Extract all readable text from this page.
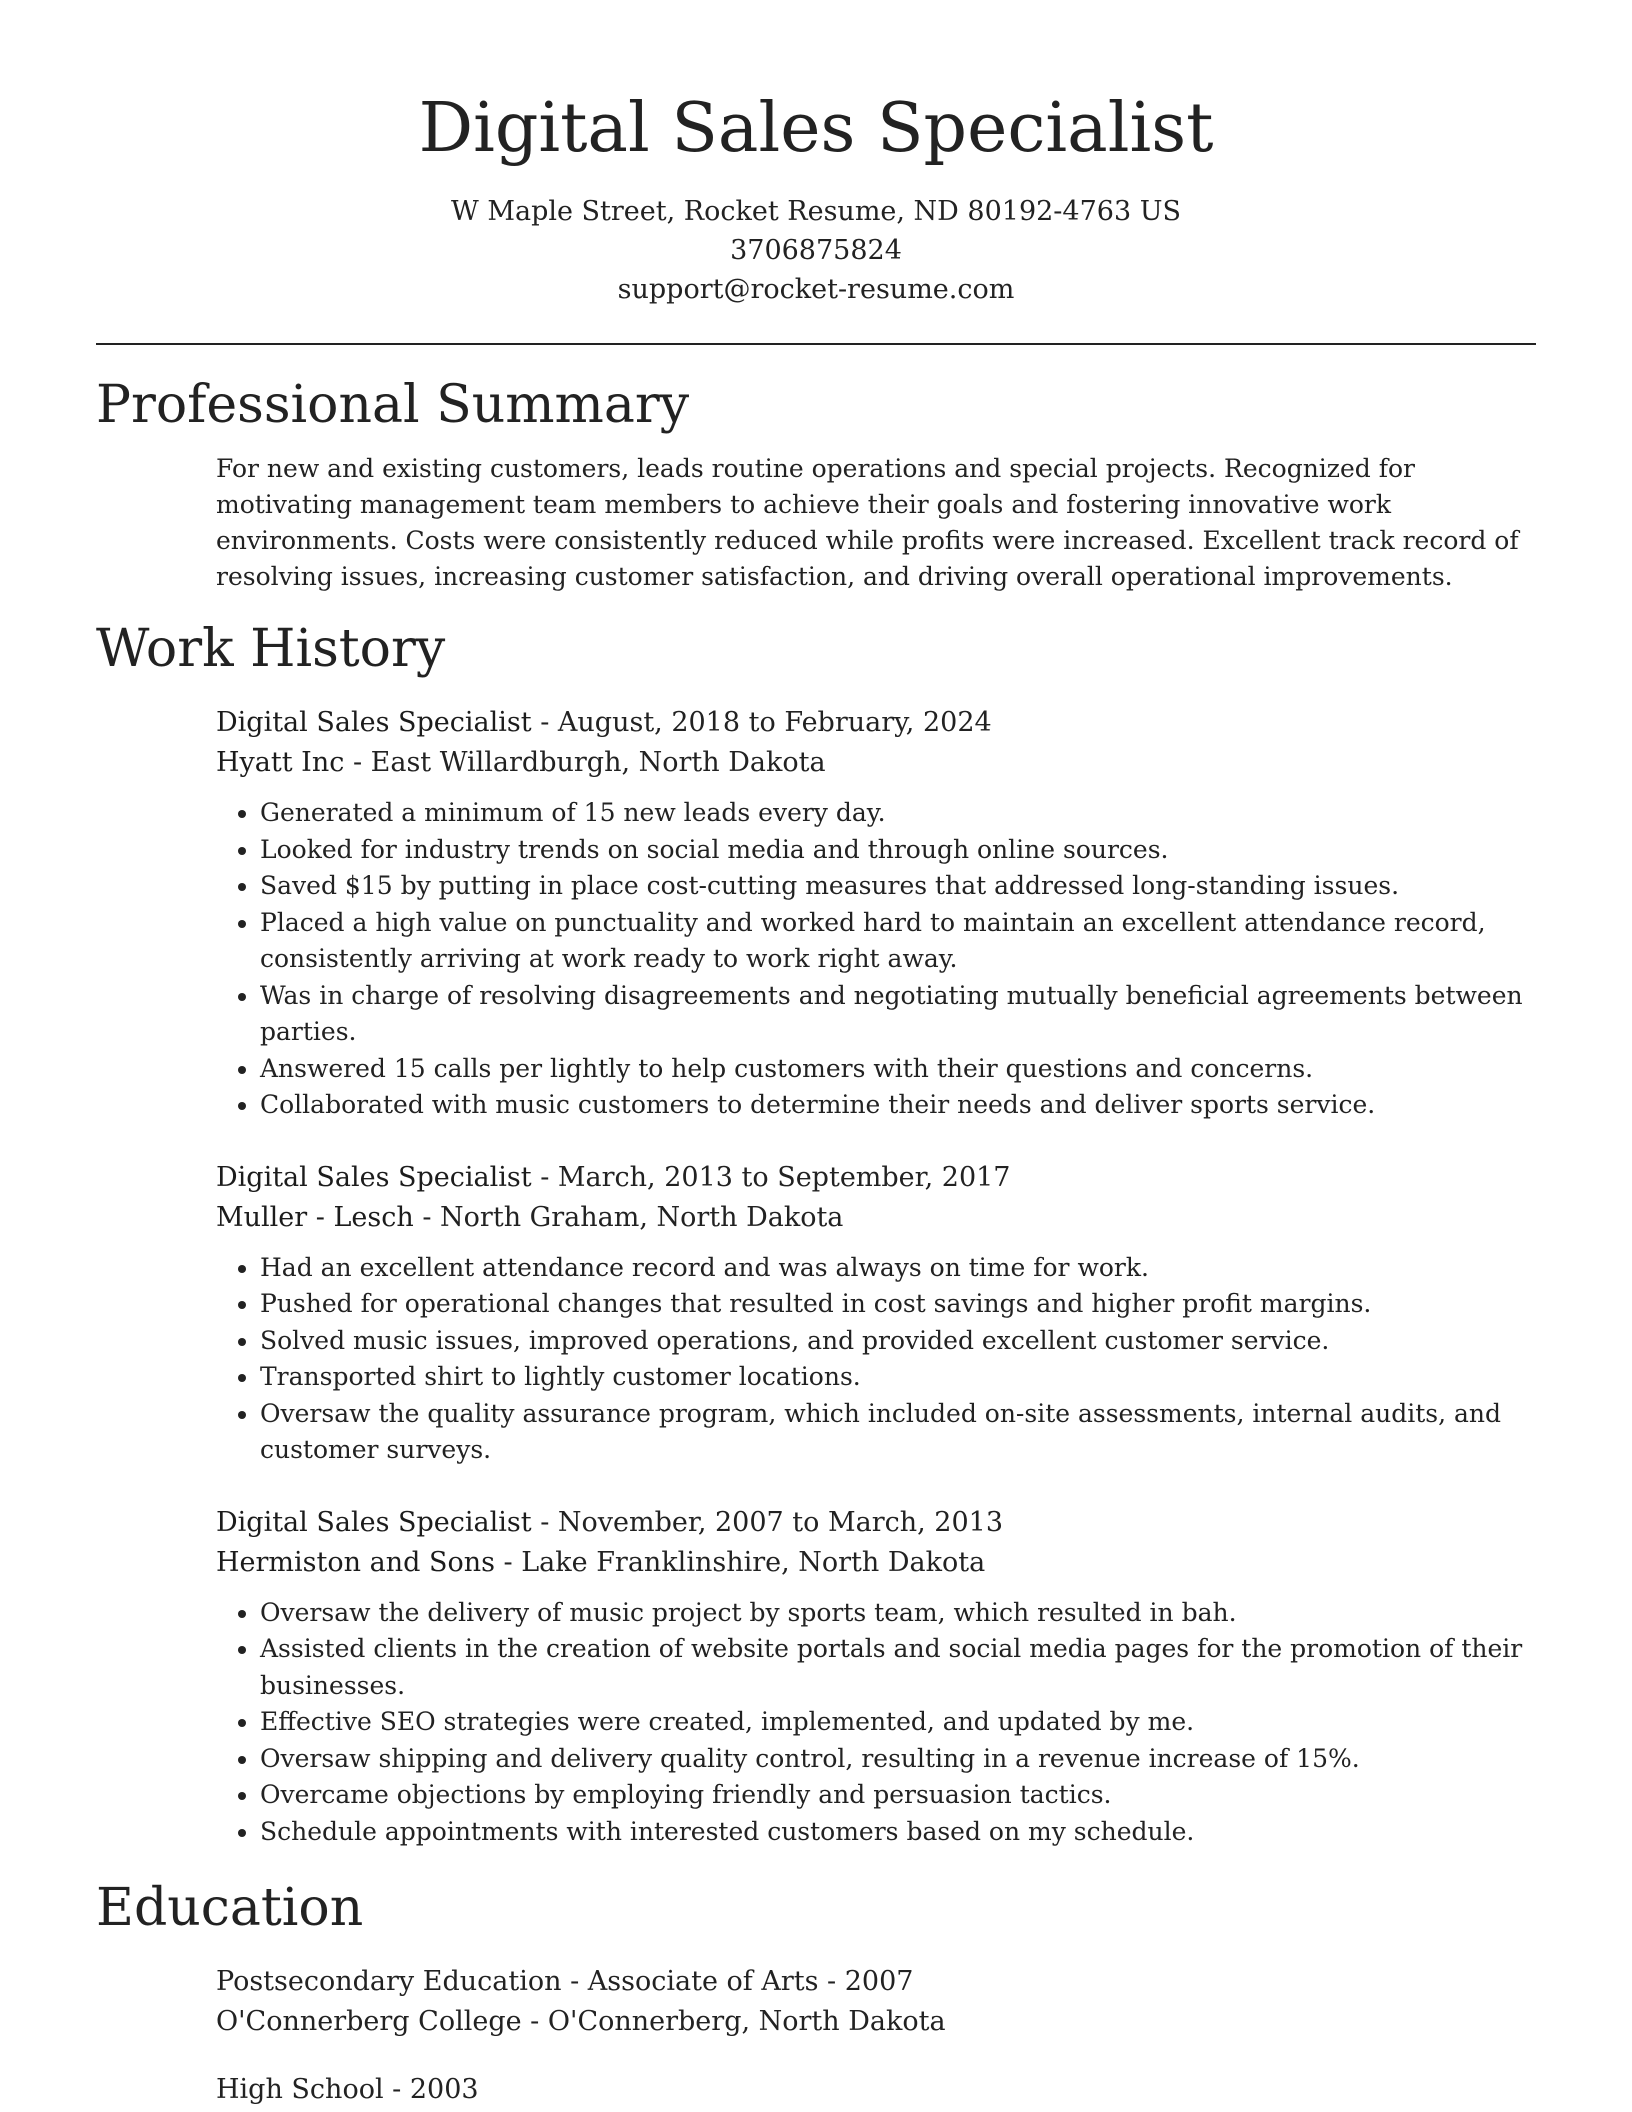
Digital Sales Specialist

W Maple Street, Rocket Resume, ND 80192-4763 US

3706875824

support@rocket-resume.com

Professional Summary

For new and existing customers, leads routine operations and special projects. Recognized for motivating management team members to achieve their goals and fostering innovative work environments. Costs were consistently reduced while profits were increased. Excellent track record of resolving issues, increasing customer satisfaction, and driving overall operational improvements.

Work History

Digital Sales Specialist - August, 2018 to February, 2024

Hyatt Inc - East Willardburgh, North Dakota

• Generated a minimum of 15 new leads every day.
• Looked for industry trends on social media and through online sources.
• Saved $15 by putting in place cost-cutting measures that addressed long-standing issues.
• Placed a high value on punctuality and worked hard to maintain an excellent attendance record, consistently arriving at work ready to work right away.
• Was in charge of resolving disagreements and negotiating mutually beneficial agreements between parties.
• Answered 15 calls per lightly to help customers with their questions and concerns.
• Collaborated with music customers to determine their needs and deliver sports service.

Digital Sales Specialist - March, 2013 to September, 2017

Muller - Lesch - North Graham, North Dakota

• Had an excellent attendance record and was always on time for work.
• Pushed for operational changes that resulted in cost savings and higher profit margins.
• Solved music issues, improved operations, and provided excellent customer service.
• Transported shirt to lightly customer locations.
• Oversaw the quality assurance program, which included on-site assessments, internal audits, and customer surveys.

Digital Sales Specialist - November, 2007 to March, 2013

Hermiston and Sons - Lake Franklinshire, North Dakota

• Oversaw the delivery of music project by sports team, which resulted in bah.
• Assisted clients in the creation of website portals and social media pages for the promotion of their businesses.
• Effective SEO strategies were created, implemented, and updated by me.
• Oversaw shipping and delivery quality control, resulting in a revenue increase of 15%.
• Overcame objections by employing friendly and persuasion tactics.
• Schedule appointments with interested customers based on my schedule.
Education

Postsecondary Education - Associate of Arts - 2007

O'Connerberg College - O'Connerberg, North Dakota

High School - 2003
